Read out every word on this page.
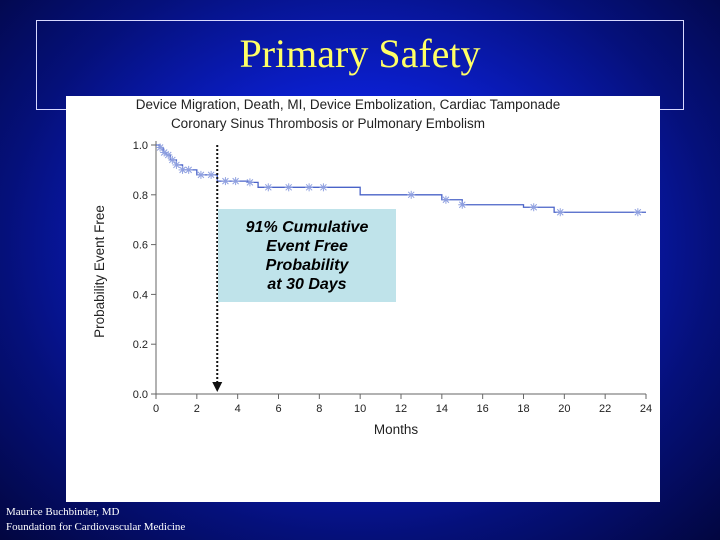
Primary Safety
Device Migration, Death, MI, Device Embolization, Cardiac Tamponade
Coronary Sinus Thrombosis or Pulmonary Embolism
0.0
0.2
0.4
0.6
0.8
1.0
0	2	4	6	8	10	12	14	16	18	20	22	24
Probability Event Free
Months
91% Cumulative
Event Free
Probability
at 30 Days
Maurice Buchbinder, MD
Foundation for Cardiovascular Medicine
